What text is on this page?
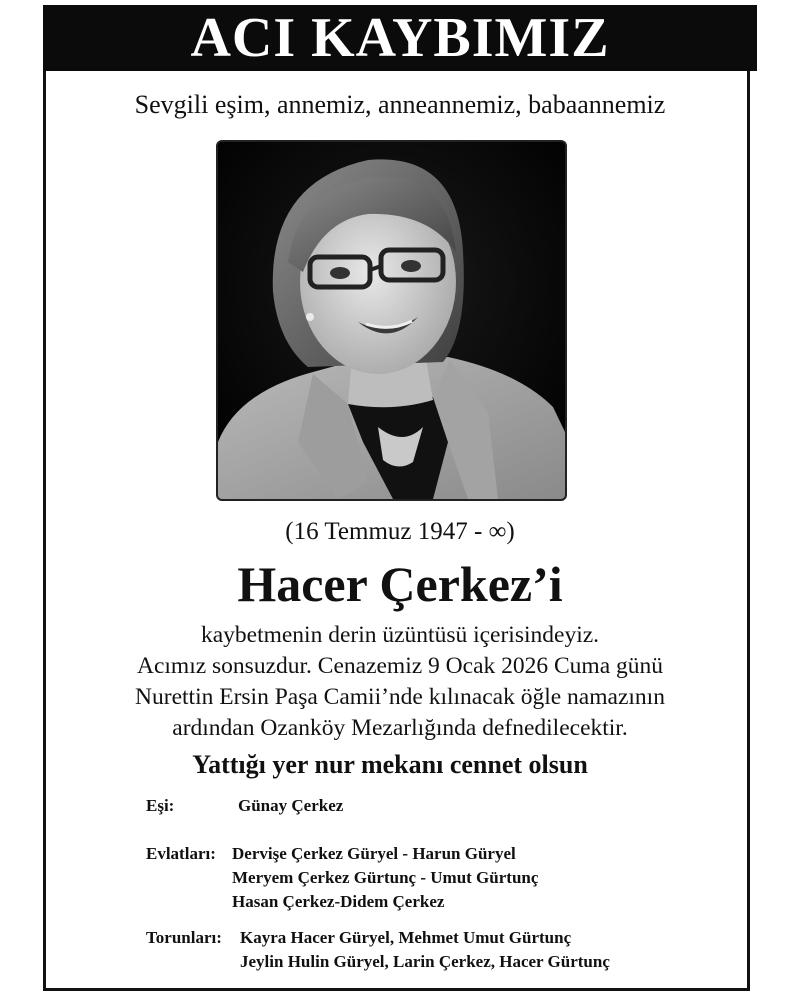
ACI KAYBIMIZ
Sevgili eşim, annemiz, anneannemiz, babaannemiz
(16 Temmuz 1947 - ∞)
Hacer Çerkez’i
kaybetmenin derin üzüntüsü içerisindeyiz.
Acımız sonsuzdur. Cenazemiz 9 Ocak 2026 Cuma günü
Nurettin Ersin Paşa Camii’nde kılınacak öğle namazının
ardından Ozanköy Mezarlığında defnedilecektir.
Yattığı yer nur mekanı cennet olsun
Eşi:	Günay Çerkez
Evlatları: Dervişe Çerkez Güryel - Harun Güryel
Meryem Çerkez Gürtunç - Umut Gürtunç
Hasan Çerkez-Didem Çerkez
Torunları: Kayra Hacer Güryel, Mehmet Umut Gürtunç
Jeylin Hulin Güryel, Larin Çerkez, Hacer Gürtunç
